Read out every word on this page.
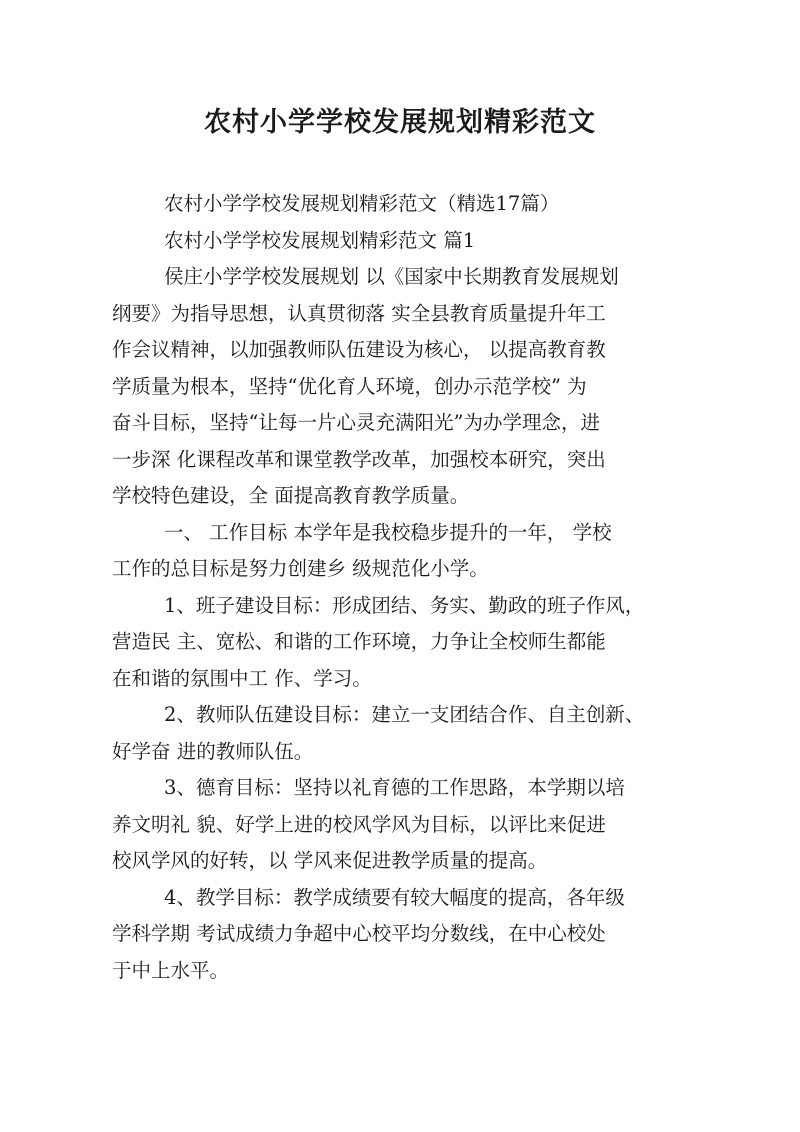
农村小学学校发展规划精彩范文

农村小学学校发展规划精彩范文（精选17篇）

农村小学学校发展规划精彩范文 篇1

侯庄小学学校发展规划 以《国家中长期教育发展规划

纲要》为指导思想，认真贯彻落 实全县教育质量提升年工

作会议精神，以加强教师队伍建设为核心， 以提高教育教

学质量为根本，坚持“优化育人环境，创办示范学校” 为

奋斗目标，坚持“让每一片心灵充满阳光”为办学理念，进

一步深 化课程改革和课堂教学改革，加强校本研究，突出

学校特色建设，全 面提高教育教学质量。

一、 工作目标 本学年是我校稳步提升的一年， 学校

工作的总目标是努力创建乡 级规范化小学。

1、班子建设目标：形成团结、务实、勤政的班子作风，

营造民 主、宽松、和谐的工作环境，力争让全校师生都能

在和谐的氛围中工 作、学习。

2、教师队伍建设目标：建立一支团结合作、自主创新、

好学奋 进的教师队伍。

3、德育目标：坚持以礼育德的工作思路，本学期以培

养文明礼 貌、好学上进的校风学风为目标，以评比来促进

校风学风的好转，以 学风来促进教学质量的提高。

4、教学目标：教学成绩要有较大幅度的提高，各年级

学科学期 考试成绩力争超中心校平均分数线，在中心校处

于中上水平。
